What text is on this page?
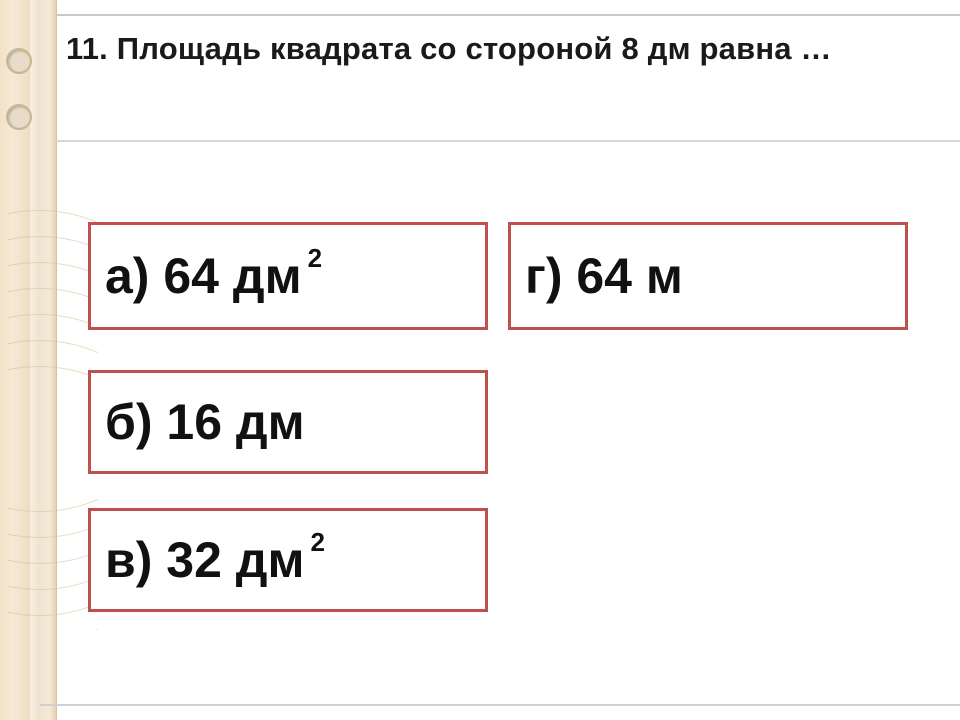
11. Площадь квадрата со стороной 8 дм равна …
а) 64 дм 2
б) 16 дм
в) 32 дм 2
г) 64 м
